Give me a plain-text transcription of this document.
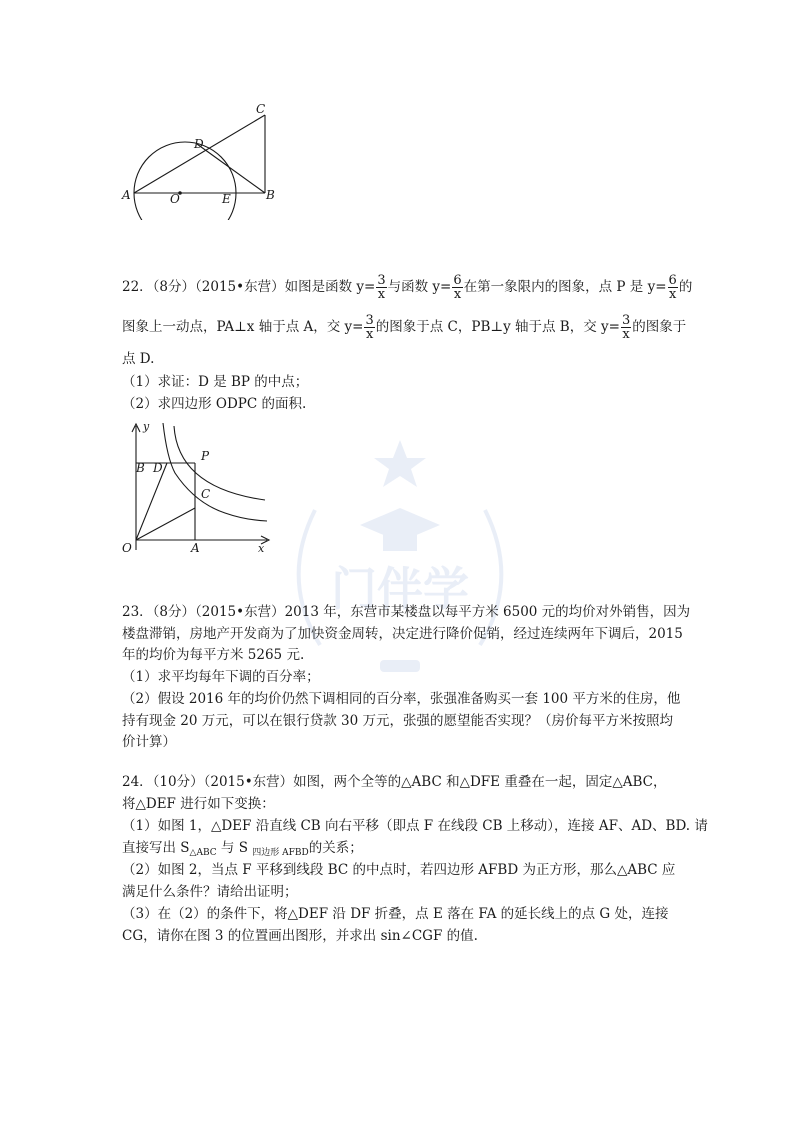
A	O	E	B
C
D
22．（8分）（2015•东营）如图是函数 $y= \frac{3}{x}$ 与函数 $y= \frac{6}{x}$ 在第一象限内的图象，点 P 是 $y= \frac{6}{x}$ 的
图象上一动点，PA⊥x 轴于点 A，交 $y= \frac{3}{x}$ 的图象于点 C，PB⊥y 轴于点 B，交 $y= \frac{3}{x}$ 的图象于
点 D.
（1）求证：D 是 BP 的中点；
（2）求四边形 ODPC 的面积.
y
B D
P
C
O	A	x
门伴学
23．（8分）（2015•东营）2013 年，东营市某楼盘以每平方米 6500 元的均价对外销售，因为
楼盘滞销，房地产开发商为了加快资金周转，决定进行降价促销，经过连续两年下调后，2015
年的均价为每平方米 5265 元.
（1）求平均每年下调的百分率；
（2）假设 2016 年的均价仍然下调相同的百分率，张强准备购买一套 100 平方米的住房，他
持有现金 20 万元，可以在银行贷款 30 万元，张强的愿望能否实现？（房价每平方米按照均
价计算）
24．（10分）（2015•东营）如图，两个全等的△ABC 和△DFE 重叠在一起，固定△ABC，
将△DEF 进行如下变换：
（1）如图 1，△DEF 沿直线 CB 向右平移（即点 F 在线段 CB 上移动），连接 AF、AD、BD. 请
直接写出 $S_{\triangle ABC}$ 与 S $_{四边形 AFBD}$的关系；
（2）如图 2，当点 F 平移到线段 BC 的中点时，若四边形 AFBD 为正方形，那么△ABC 应
满足什么条件？请给出证明；
（3）在（2）的条件下，将△DEF 沿 DF 折叠，点 E 落在 FA 的延长线上的点 G 处，连接
CG，请你在图 3 的位置画出图形，并求出 sin∠CGF 的值.
